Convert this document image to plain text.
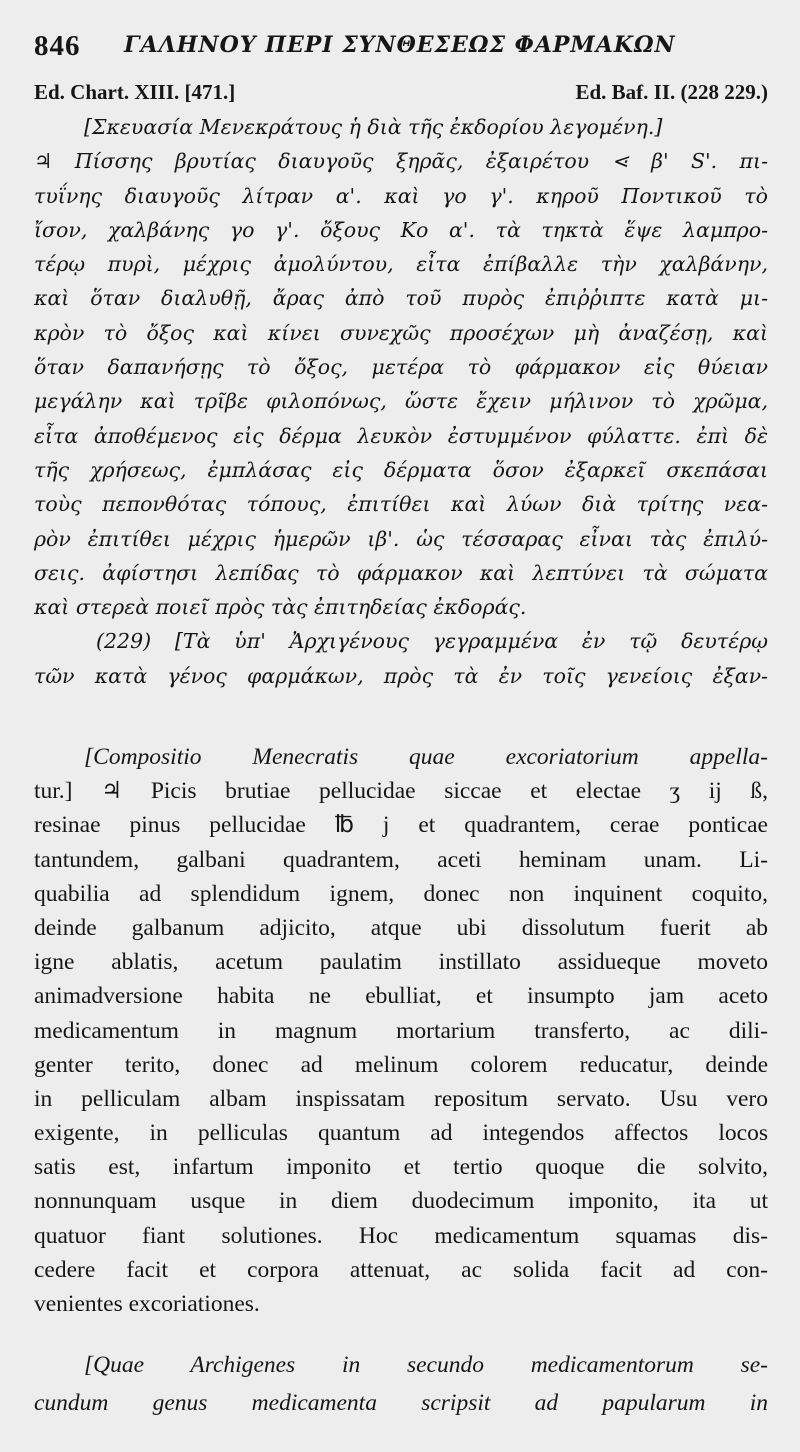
846 ΓΑΛΗΝΟΥ ΠΕΡΙ ΣΥΝΘΕΣΕΩΣ ΦΑΡΜΑΚΩΝ
Ed. Chart. XIII. [471.]	Ed. Baf. II. (228 229.)
[Σκευασία Μενεκράτους ἡ διὰ τῆς ἐκδορίου λεγομένη.]
♃ Πίσσης βρυτίας διαυγοῦς ξηρᾶς, ἐξαιρέτου ⋖ β' S'. πι-
τυΐνης διαυγοῦς λίτραν α'. καὶ γο γ'. κηροῦ Ποντικοῦ τὸ
ἴσον, χαλβάνης γο γ'. ὄξους Κο α'. τὰ τηκτὰ ἕψε λαμπρο-
τέρῳ πυρὶ, μέχρις ἀμολύντου, εἶτα ἐπίβαλλε τὴν χαλβάνην,
καὶ ὅταν διαλυθῇ, ἄρας ἀπὸ τοῦ πυρὸς ἐπιῤῥιπτε κατὰ μι-
κρὸν τὸ ὄξος καὶ κίνει συνεχῶς προσέχων μὴ ἀναζέσῃ, καὶ
ὅταν δαπανήσῃς τὸ ὄξος, μετέρα τὸ φάρμακον εἰς θύειαν
μεγάλην καὶ τρῖβε φιλοπόνως, ὥστε ἔχειν μήλινον τὸ χρῶμα,
εἶτα ἀποθέμενος εἰς δέρμα λευκὸν ἐστυμμένον φύλαττε. ἐπὶ δὲ
τῆς χρήσεως, ἐμπλάσας εἰς δέρματα ὅσον ἐξαρκεῖ σκεπάσαι
τοὺς πεπονθότας τόπους, ἐπιτίθει καὶ λύων διὰ τρίτης νεα-
ρὸν ἐπιτίθει μέχρις ἡμερῶν ιβ'. ὡς τέσσαρας εἶναι τὰς ἐπιλύ-
σεις. ἀφίστησι λεπίδας τὸ φάρμακον καὶ λεπτύνει τὰ σώματα
καὶ στερεὰ ποιεῖ πρὸς τὰς ἐπιτηδείας ἐκδοράς.
(229) [Τὰ ὑπ' Ἀρχιγένους γεγραμμένα ἐν τῷ δευτέρῳ
τῶν κατὰ γένος φαρμάκων, πρὸς τὰ ἐν τοῖς γενείοις ἐξαν-
[Compositio Menecratis quae excoriatorium appella-
tur.] ♃ Picis brutiae pellucidae siccae et electae ʒ ij ß,
resinae pinus pellucidae ℔ j et quadrantem, cerae ponticae
tantundem, galbani quadrantem, aceti heminam unam. Li-
quabilia ad splendidum ignem, donec non inquinent coquito,
deinde galbanum adjicito, atque ubi dissolutum fuerit ab
igne ablatis, acetum paulatim instillato assidueque moveto
animadversione habita ne ebulliat, et insumpto jam aceto
medicamentum in magnum mortarium transferto, ac dili-
genter terito, donec ad melinum colorem reducatur, deinde
in pelliculam albam inspissatam repositum servato. Usu vero
exigente, in pelliculas quantum ad integendos affectos locos
satis est, infartum imponito et tertio quoque die solvito,
nonnunquam usque in diem duodecimum imponito, ita ut
quatuor fiant solutiones. Hoc medicamentum squamas dis-
cedere facit et corpora attenuat, ac solida facit ad con-
venientes excoriationes.
[Quae Archigenes in secundo medicamentorum se-
cundum genus medicamenta scripsit ad papularum in
